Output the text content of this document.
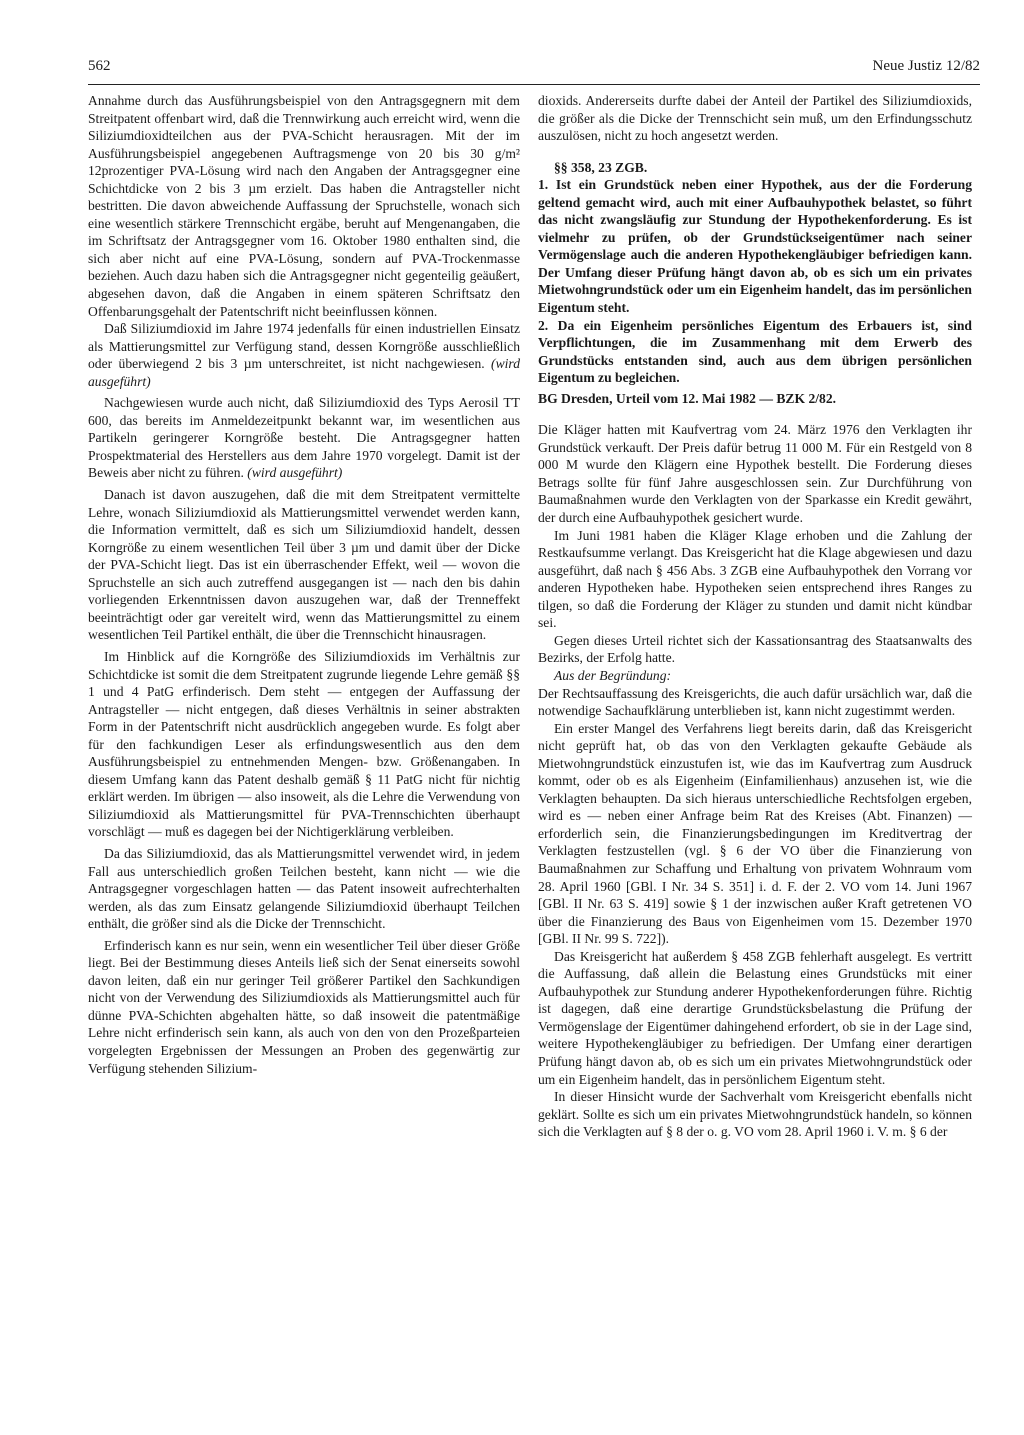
562	Neue Justiz 12/82

Annahme durch das Ausführungsbeispiel von den Antragsgegnern mit dem Streitpatent offenbart wird, daß die Trennwirkung auch erreicht wird, wenn die Siliziumdioxidteilchen aus der PVA-Schicht herausragen. Mit der im Ausführungsbeispiel angegebenen Auftragsmenge von 20 bis 30 g/m² 12prozentiger PVA-Lösung wird nach den Angaben der Antragsgegner eine Schichtdicke von 2 bis 3 µm erzielt. Das haben die Antragsteller nicht bestritten. Die davon abweichende Auffassung der Spruchstelle, wonach sich eine wesentlich stärkere Trennschicht ergäbe, beruht auf Mengenangaben, die im Schriftsatz der Antragsgegner vom 16. Oktober 1980 enthalten sind, die sich aber nicht auf eine PVA-Lösung, sondern auf PVA-Trockenmasse beziehen. Auch dazu haben sich die Antragsgegner nicht gegenteilig geäußert, abgesehen davon, daß die Angaben in einem späteren Schriftsatz den Offenbarungsgehalt der Patentschrift nicht beeinflussen können.

Daß Siliziumdioxid im Jahre 1974 jedenfalls für einen industriellen Einsatz als Mattierungsmittel zur Verfügung stand, dessen Korngröße ausschließlich oder überwiegend 2 bis 3 µm unterschreitet, ist nicht nachgewiesen. (wird ausgeführt)

Nachgewiesen wurde auch nicht, daß Siliziumdioxid des Typs Aerosil TT 600, das bereits im Anmeldezeitpunkt bekannt war, im wesentlichen aus Partikeln geringerer Korngröße besteht. Die Antragsgegner hatten Prospektmaterial des Herstellers aus dem Jahre 1970 vorgelegt. Damit ist der Beweis aber nicht zu führen. (wird ausgeführt)

Danach ist davon auszugehen, daß die mit dem Streitpatent vermittelte Lehre, wonach Siliziumdioxid als Mattierungsmittel verwendet werden kann, die Information vermittelt, daß es sich um Siliziumdioxid handelt, dessen Korngröße zu einem wesentlichen Teil über 3 µm und damit über der Dicke der PVA-Schicht liegt. Das ist ein überraschender Effekt, weil — wovon die Spruchstelle an sich auch zutreffend ausgegangen ist — nach den bis dahin vorliegenden Erkenntnissen davon auszugehen war, daß der Trenneffekt beeinträchtigt oder gar vereitelt wird, wenn das Mattierungsmittel zu einem wesentlichen Teil Partikel enthält, die über die Trennschicht hinausragen.

Im Hinblick auf die Korngröße des Siliziumdioxids im Verhältnis zur Schichtdicke ist somit die dem Streitpatent zugrunde liegende Lehre gemäß §§ 1 und 4 PatG erfinderisch. Dem steht — entgegen der Auffassung der Antragsteller — nicht entgegen, daß dieses Verhältnis in seiner abstrakten Form in der Patentschrift nicht ausdrücklich angegeben wurde. Es folgt aber für den fachkundigen Leser als erfindungswesentlich aus den dem Ausführungsbeispiel zu entnehmenden Mengen- bzw. Größenangaben. In diesem Umfang kann das Patent deshalb gemäß § 11 PatG nicht für nichtig erklärt werden. Im übrigen — also insoweit, als die Lehre die Verwendung von Siliziumdioxid als Mattierungsmittel für PVA-Trennschichten überhaupt vorschlägt — muß es dagegen bei der Nichtigerklärung verbleiben.

Da das Siliziumdioxid, das als Mattierungsmittel verwendet wird, in jedem Fall aus unterschiedlich großen Teilchen besteht, kann nicht — wie die Antragsgegner vorgeschlagen hatten — das Patent insoweit aufrechterhalten werden, als das zum Einsatz gelangende Siliziumdioxid überhaupt Teilchen enthält, die größer sind als die Dicke der Trennschicht.

Erfinderisch kann es nur sein, wenn ein wesentlicher Teil über dieser Größe liegt. Bei der Bestimmung dieses Anteils ließ sich der Senat einerseits sowohl davon leiten, daß ein nur geringer Teil größerer Partikel den Sachkundigen nicht von der Verwendung des Siliziumdioxids als Mattierungsmittel auch für dünne PVA-Schichten abgehalten hätte, so daß insoweit die patentmäßige Lehre nicht erfinderisch sein kann, als auch von den von den Prozeßparteien vorgelegten Ergebnissen der Messungen an Proben des gegenwärtig zur Verfügung stehenden Silizium-

dioxids. Andererseits durfte dabei der Anteil der Partikel des Siliziumdioxids, die größer als die Dicke der Trennschicht sein muß, um den Erfindungsschutz auszulösen, nicht zu hoch angesetzt werden.

§§ 358, 23 ZGB.

1. Ist ein Grundstück neben einer Hypothek, aus der die Forderung geltend gemacht wird, auch mit einer Aufbauhypothek belastet, so führt das nicht zwangsläufig zur Stundung der Hypothekenforderung. Es ist vielmehr zu prüfen, ob der Grundstückseigentümer nach seiner Vermögenslage auch die anderen Hypothekengläubiger befriedigen kann. Der Umfang dieser Prüfung hängt davon ab, ob es sich um ein privates Mietwohngrundstück oder um ein Eigenheim handelt, das im persönlichen Eigentum steht.

2. Da ein Eigenheim persönliches Eigentum des Erbauers ist, sind Verpflichtungen, die im Zusammenhang mit dem Erwerb des Grundstücks entstanden sind, auch aus dem übrigen persönlichen Eigentum zu begleichen.

BG Dresden, Urteil vom 12. Mai 1982 — BZK 2/82.

Die Kläger hatten mit Kaufvertrag vom 24. März 1976 den Verklagten ihr Grundstück verkauft. Der Preis dafür betrug 11 000 M. Für ein Restgeld von 8 000 M wurde den Klägern eine Hypothek bestellt. Die Forderung dieses Betrags sollte für fünf Jahre ausgeschlossen sein. Zur Durchführung von Baumaßnahmen wurde den Verklagten von der Sparkasse ein Kredit gewährt, der durch eine Aufbauhypothek gesichert wurde.

Im Juni 1981 haben die Kläger Klage erhoben und die Zahlung der Restkaufsumme verlangt. Das Kreisgericht hat die Klage abgewiesen und dazu ausgeführt, daß nach § 456 Abs. 3 ZGB eine Aufbauhypothek den Vorrang vor anderen Hypotheken habe. Hypotheken seien entsprechend ihres Ranges zu tilgen, so daß die Forderung der Kläger zu stunden und damit nicht kündbar sei.

Gegen dieses Urteil richtet sich der Kassationsantrag des Staatsanwalts des Bezirks, der Erfolg hatte.

Aus der Begründung:

Der Rechtsauffassung des Kreisgerichts, die auch dafür ursächlich war, daß die notwendige Sachaufklärung unterblieben ist, kann nicht zugestimmt werden.

Ein erster Mangel des Verfahrens liegt bereits darin, daß das Kreisgericht nicht geprüft hat, ob das von den Verklagten gekaufte Gebäude als Mietwohngrundstück einzustufen ist, wie das im Kaufvertrag zum Ausdruck kommt, oder ob es als Eigenheim (Einfamilienhaus) anzusehen ist, wie die Verklagten behaupten. Da sich hieraus unterschiedliche Rechtsfolgen ergeben, wird es — neben einer Anfrage beim Rat des Kreises (Abt. Finanzen) — erforderlich sein, die Finanzierungsbedingungen im Kreditvertrag der Verklagten festzustellen (vgl. § 6 der VO über die Finanzierung von Baumaßnahmen zur Schaffung und Erhaltung von privatem Wohnraum vom 28. April 1960 [GBl. I Nr. 34 S. 351] i. d. F. der 2. VO vom 14. Juni 1967 [GBl. II Nr. 63 S. 419] sowie § 1 der inzwischen außer Kraft getretenen VO über die Finanzierung des Baus von Eigenheimen vom 15. Dezember 1970 [GBl. II Nr. 99 S. 722]).

Das Kreisgericht hat außerdem § 458 ZGB fehlerhaft ausgelegt. Es vertritt die Auffassung, daß allein die Belastung eines Grundstücks mit einer Aufbauhypothek zur Stundung anderer Hypothekenforderungen führe. Richtig ist dagegen, daß eine derartige Grundstücksbelastung die Prüfung der Vermögenslage der Eigentümer dahingehend erfordert, ob sie in der Lage sind, weitere Hypothekengläubiger zu befriedigen. Der Umfang einer derartigen Prüfung hängt davon ab, ob es sich um ein privates Mietwohngrundstück oder um ein Eigenheim handelt, das in persönlichem Eigentum steht.

In dieser Hinsicht wurde der Sachverhalt vom Kreisgericht ebenfalls nicht geklärt. Sollte es sich um ein privates Mietwohngrundstück handeln, so können sich die Verklagten auf § 8 der o. g. VO vom 28. April 1960 i. V. m. § 6 der
